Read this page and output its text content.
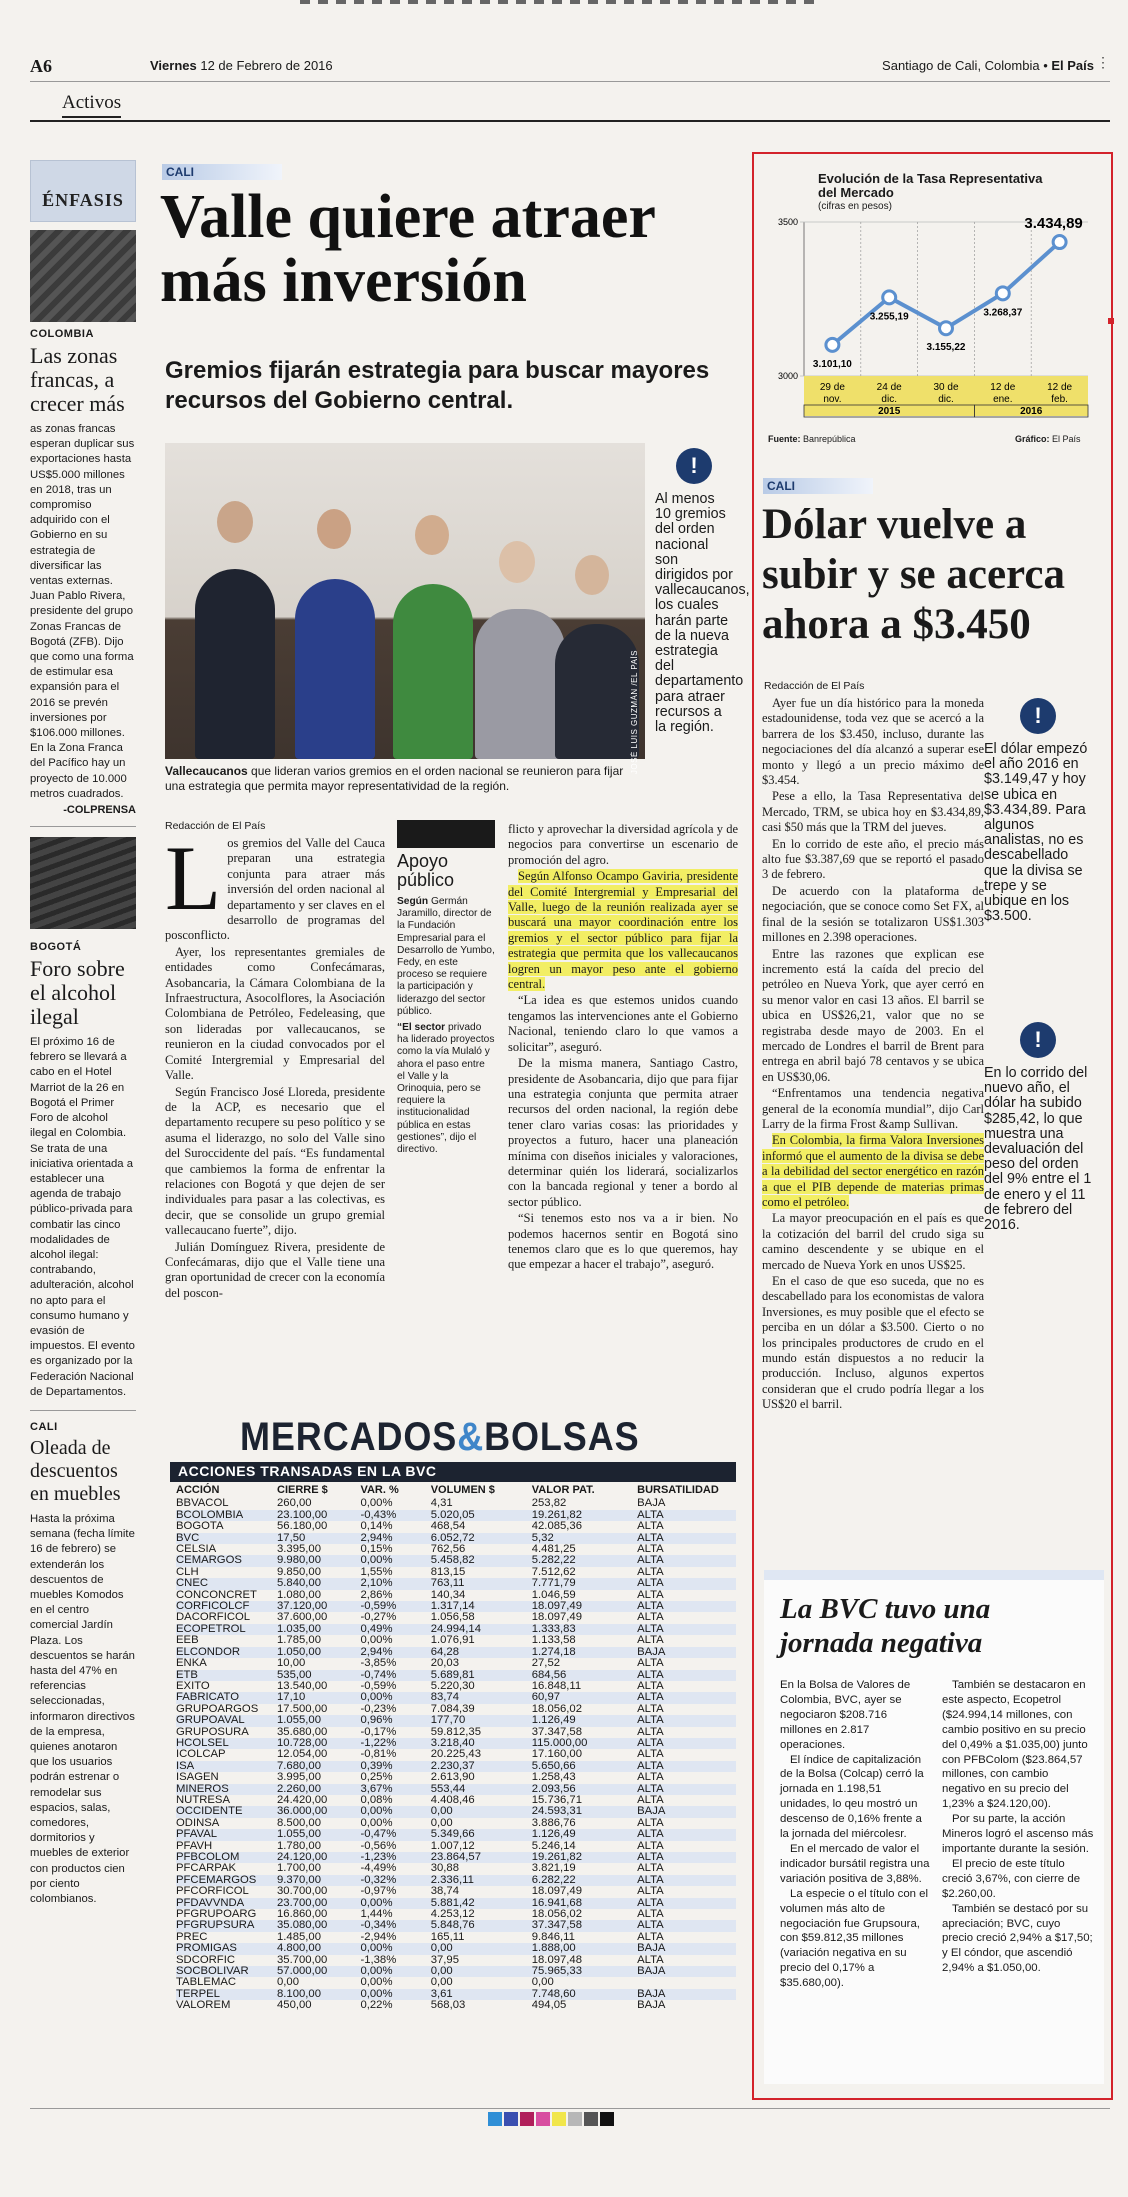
A6	Viernes 12 de Febrero de 2016	Santiago de Cali, Colombia • El País ⋮
Activos
ÉNFASIS
COLOMBIA
Las zonas francas, a crecer más
as zonas francas esperan duplicar sus exportaciones hasta US$5.000 millones en 2018, tras un compromiso adquirido con el Gobierno en su estrategia de diversificar las ventas externas. Juan Pablo Rivera, presidente del grupo Zonas Francas de Bogotá (ZFB). Dijo que como una forma de estimular esa expansión para el 2016 se prevén inversiones por $106.000 millones. En la Zona Franca del Pacífico hay un proyecto de 10.000 metros cuadrados.
-COLPRENSA
BOGOTÁ
Foro sobre el alcohol ilegal
El próximo 16 de febrero se llevará a cabo en el Hotel Marriot de la 26 en Bogotá el Primer Foro de alcohol ilegal en Colombia. Se trata de una iniciativa orientada a establecer una agenda de trabajo público-privada para combatir las cinco modalidades de alcohol ilegal: contrabando, adulteración, alcohol no apto para el consumo humano y evasión de impuestos. El evento es organizado por la Federación Nacional de Departamentos.
CALI
Oleada de descuentos en muebles
Hasta la próxima semana (fecha límite 16 de febrero) se extenderán los descuentos de muebles Komodos en el centro comercial Jardín Plaza. Los descuentos se harán hasta del 47% en referencias seleccionadas, informaron directivos de la empresa, quienes anotaron que los usuarios podrán estrenar o remodelar sus espacios, salas, comedores, dormitorios y muebles de exterior con productos cien por ciento colombianos.
CALI
Valle quiere atraer más inversión
Gremios fijarán estrategia para buscar mayores recursos del Gobierno central.
JOSÉ LUIS GUZMÁN /EL PAÍS
Vallecaucanos que lideran varios gremios en el orden nacional se reunieron para fijar una estrategia que permita mayor representatividad de la región.
!
Al menos 10 gremios del orden nacional son dirigidos por vallecaucanos, los cuales harán parte de la nueva estrategia del departamento para atraer recursos a la región.
Redacción de El País
L os gremios del Valle del Cauca preparan una estrategia conjunta para atraer más inversión del orden nacional al departamento y ser claves en el desarrollo de programas del posconflicto.

Ayer, los representantes gremiales de entidades como Confecámaras, Asobancaria, la Cámara Colombiana de la Infraestructura, Asocolflores, la Asociación Colombiana de Petróleo, Fedeleasing, que son lideradas por vallecaucanos, se reunieron en la ciudad convocados por el Comité Intergremial y Empresarial del Valle.

Según Francisco José Lloreda, presidente de la ACP, es necesario que el departamento recupere su peso político y se asuma el liderazgo, no solo del Valle sino del Suroccidente del país. “Es fundamental que cambiemos la forma de enfrentar la relaciones con Bogotá y que dejen de ser individuales para pasar a las colectivas, es decir, que se consolide un grupo gremial vallecaucano fuerte”, dijo.

Julián Domínguez Rivera, presidente de Confecámaras, dijo que el Valle tiene una gran oportunidad de crecer con la economía del poscon-

Apoyo público
Según Germán Jaramillo, director de la Fundación Empresarial para el Desarrollo de Yumbo, Fedy, en este proceso se requiere la participación y liderazgo del sector público.
“El sector privado ha liderado proyectos como la vía Mulaló y ahora el paso entre el Valle y la Orinoquia, pero se requiere la institucionalidad pública en estas gestiones”, dijo el directivo.

flicto y aprovechar la diversidad agrícola y de negocios para convertirse un escenario de promoción del agro.

Según Alfonso Ocampo Gaviria, presidente del Comité Intergremial y Empresarial del Valle, luego de la reunión realizada ayer se buscará una mayor coordinación entre los gremios y el sector público para fijar la estrategia que permita que los vallecaucanos logren un mayor peso ante el gobierno central.

“La idea es que estemos unidos cuando tengamos las intervenciones ante el Gobierno Nacional, teniendo claro lo que vamos a solicitar”, aseguró.

De la misma manera, Santiago Castro, presidente de Asobancaria, dijo que para fijar una estrategia conjunta que permita atraer recursos del orden nacional, la región debe tener claro varias cosas: las prioridades y proyectos a futuro, hacer una planeación mínima con diseños iniciales y valoraciones, determinar quién los liderará, socializarlos con la bancada regional y tener a bordo al sector público.

“Si tenemos esto nos va a ir bien. No podemos hacernos sentir en Bogotá sino tenemos claro que es lo que queremos, hay que empezar a hacer el trabajo”, aseguró.

MERCADOS&BOLSAS
ACCIONES TRANSADAS EN LA BVC
ACCIÓN	CIERRE $	VAR. %	VOLUMEN $	VALOR PAT.	BURSATILIDAD
BBVACOL	260,00	0,00%	4,31	253,82	BAJA
BCOLOMBIA	23.100,00	-0,43%	5.020,05	19.261,82	ALTA
BOGOTA	56.180,00	0,14%	468,54	42.085,36	ALTA
BVC	17,50	2,94%	6.052,72	5,32	ALTA
CELSIA	3.395,00	0,15%	762,56	4.481,25	ALTA
CEMARGOS	9.980,00	0,00%	5.458,82	5.282,22	ALTA
CLH	9.850,00	1,55%	813,15	7.512,62	ALTA
CNEC	5.840,00	2,10%	763,11	7.771,79	ALTA
CONCONCRET	1.080,00	2,86%	140,34	1.046,59	ALTA
CORFICOLCF	37.120,00	-0,59%	1.317,14	18.097,49	ALTA
DACORFICOL	37.600,00	-0,27%	1.056,58	18.097,49	ALTA
ECOPETROL	1.035,00	0,49%	24.994,14	1.333,83	ALTA
EEB	1.785,00	0,00%	1.076,91	1.133,58	ALTA
ELCONDOR	1.050,00	2,94%	64,28	1.274,18	BAJA
ENKA	10,00	-3,85%	20,03	27,52	ALTA
ETB	535,00	-0,74%	5.689,81	684,56	ALTA
EXITO	13.540,00	-0,59%	5.220,30	16.848,11	ALTA
FABRICATO	17,10	0,00%	83,74	60,97	ALTA
GRUPOARGOS	17.500,00	-0,23%	7.084,39	18.056,02	ALTA
GRUPOAVAL	1.055,00	0,96%	177,70	1.126,49	ALTA
GRUPOSURA	35.680,00	-0,17%	59.812,35	37.347,58	ALTA
HCOLSEL	10.728,00	-1,22%	3.218,40	115.000,00	ALTA
ICOLCAP	12.054,00	-0,81%	20.225,43	17.160,00	ALTA
ISA	7.680,00	0,39%	2.230,37	5.650,66	ALTA
ISAGEN	3.995,00	0,25%	2.613,90	1.258,43	ALTA
MINEROS	2.260,00	3,67%	553,44	2.093,56	ALTA
NUTRESA	24.420,00	0,08%	4.408,46	15.736,71	ALTA
OCCIDENTE	36.000,00	0,00%	0,00	24.593,31	BAJA
ODINSA	8.500,00	0,00%	0,00	3.886,76	ALTA
PFAVAL	1.055,00	-0,47%	5.349,66	1.126,49	ALTA
PFAVH	1.780,00	-0,56%	1.007,12	5.246,14	ALTA
PFBCOLOM	24.120,00	-1,23%	23.864,57	19.261,82	ALTA
PFCARPAK	1.700,00	-4,49%	30,88	3.821,19	ALTA
PFCEMARGOS	9.370,00	-0,32%	2.336,11	6.282,22	ALTA
PFCORFICOL	30.700,00	-0,97%	38,74	18.097,49	ALTA
PFDAVVNDA	23.700,00	0,00%	5.881,42	16.941,68	ALTA
PFGRUPOARG	16.860,00	1,44%	4.253,12	18.056,02	ALTA
PFGRUPSURA	35.080,00	-0,34%	5.848,76	37.347,58	ALTA
PREC	1.485,00	-2,94%	165,11	9.846,11	ALTA
PROMIGAS	4.800,00	0,00%	0,00	1.888,00	BAJA
SDCORFIC	35.700,00	-1,38%	37,95	18.097,48	ALTA
SOCBOLIVAR	57.000,00	0,00%	0,00	75.965,33	BAJA
TABLEMAC	0,00	0,00%	0,00	0,00	
TERPEL	8.100,00	0,00%	3,61	7.748,60	BAJA
VALOREM	450,00	0,22%	568,03	494,05	BAJA
Evolución de la Tasa Representativa del Mercado
(cifras en pesos)
3000
3500
29 de nov.
24 de dic.
30 de dic.
12 de ene.
12 de feb.
2015	2016
3.101,10
3.255,19
3.155,22
3.268,37
3.434,89
Fuente: Banrepública	Gráfico: El País
CALI
Dólar vuelve a subir y se acerca ahora a $3.450
Redacción de El País

Ayer fue un día histórico para la moneda estadounidense, toda vez que se acercó a la barrera de los $3.450, incluso, durante las negociaciones del día alcanzó a superar ese monto y llegó a un precio máximo de $3.454.

Pese a ello, la Tasa Representativa del Mercado, TRM, se ubica hoy en $3.434,89, casi $50 más que la TRM del jueves.

En lo corrido de este año, el precio más alto fue $3.387,69 que se reportó el pasado 3 de febrero.

De acuerdo con la plataforma de negociación, que se conoce como Set FX, al final de la sesión se totalizaron US$1.303 millones en 2.398 operaciones.

Entre las razones que explican ese incremento está la caída del precio del petróleo en Nueva York, que ayer cerró en su menor valor en casi 13 años. El barril se ubica en US$26,21, valor que no se registraba desde mayo de 2003. En el mercado de Londres el barril de Brent para entrega en abril bajó 78 centavos y se ubica en US$30,06.

“Enfrentamos una tendencia negativa general de la economía mundial”, dijo Carl Larry de la firma Frost &amp Sullivan.

En Colombia, la firma Valora Inversiones informó que el aumento de la divisa se debe a la debilidad del sector energético en razón a que el PIB depende de materias primas como el petróleo.

La mayor preocupación en el país es que la cotización del barril del crudo siga su camino descendente y se ubique en el mercado de Nueva York en unos US$25.

En el caso de que eso suceda, que no es descabellado para los economistas de valora Inversiones, es muy posible que el efecto se perciba en un dólar a $3.500. Cierto o no los principales productores de crudo en el mundo están dispuestos a no reducir la producción. Incluso, algunos expertos consideran que el crudo podría llegar a los US$20 el barril.

!
El dólar empezó el año 2016 en $3.149,47 y hoy se ubica en $3.434,89. Para algunos analistas, no es descabellado que la divisa se trepe y se ubique en los $3.500.
!
En lo corrido del nuevo año, el dólar ha subido $285,42, lo que muestra una devaluación del peso del orden del 9% entre el 1 de enero y el 11 de febrero del 2016.
La BVC tuvo una jornada negativa

En la Bolsa de Valores de Colombia, BVC, ayer se negociaron $208.716 millones en 2.817 operaciones.

El índice de capitalización de la Bolsa (Colcap) cerró la jornada en 1.198,51 unidades, lo qeu mostró un descenso de 0,16% frente a la jornada del miércolesr.

En el mercado de valor el indicador bursátil registra una variación positiva de 3,88%.

La especie o el título con el volumen más alto de negociación fue Grupsoura, con $59.812,35 millones (variación negativa en su precio del 0,17% a $35.680,00).

También se destacaron en este aspecto, Ecopetrol ($24.994,14 millones, con cambio positivo en su precio del 0,49% a $1.035,00) junto con PFBColom ($23.864,57 millones, con cambio negativo en su precio del 1,23% a $24.120,00).

Por su parte, la acción Mineros logró el ascenso más importante durante la sesión.

El precio de este título creció 3,67%, con cierre de $2.260,00.

También se destacó por su apreciación; BVC, cuyo precio creció 2,94% a $17,50; y El cóndor, que ascendió 2,94% a $1.050,00.
